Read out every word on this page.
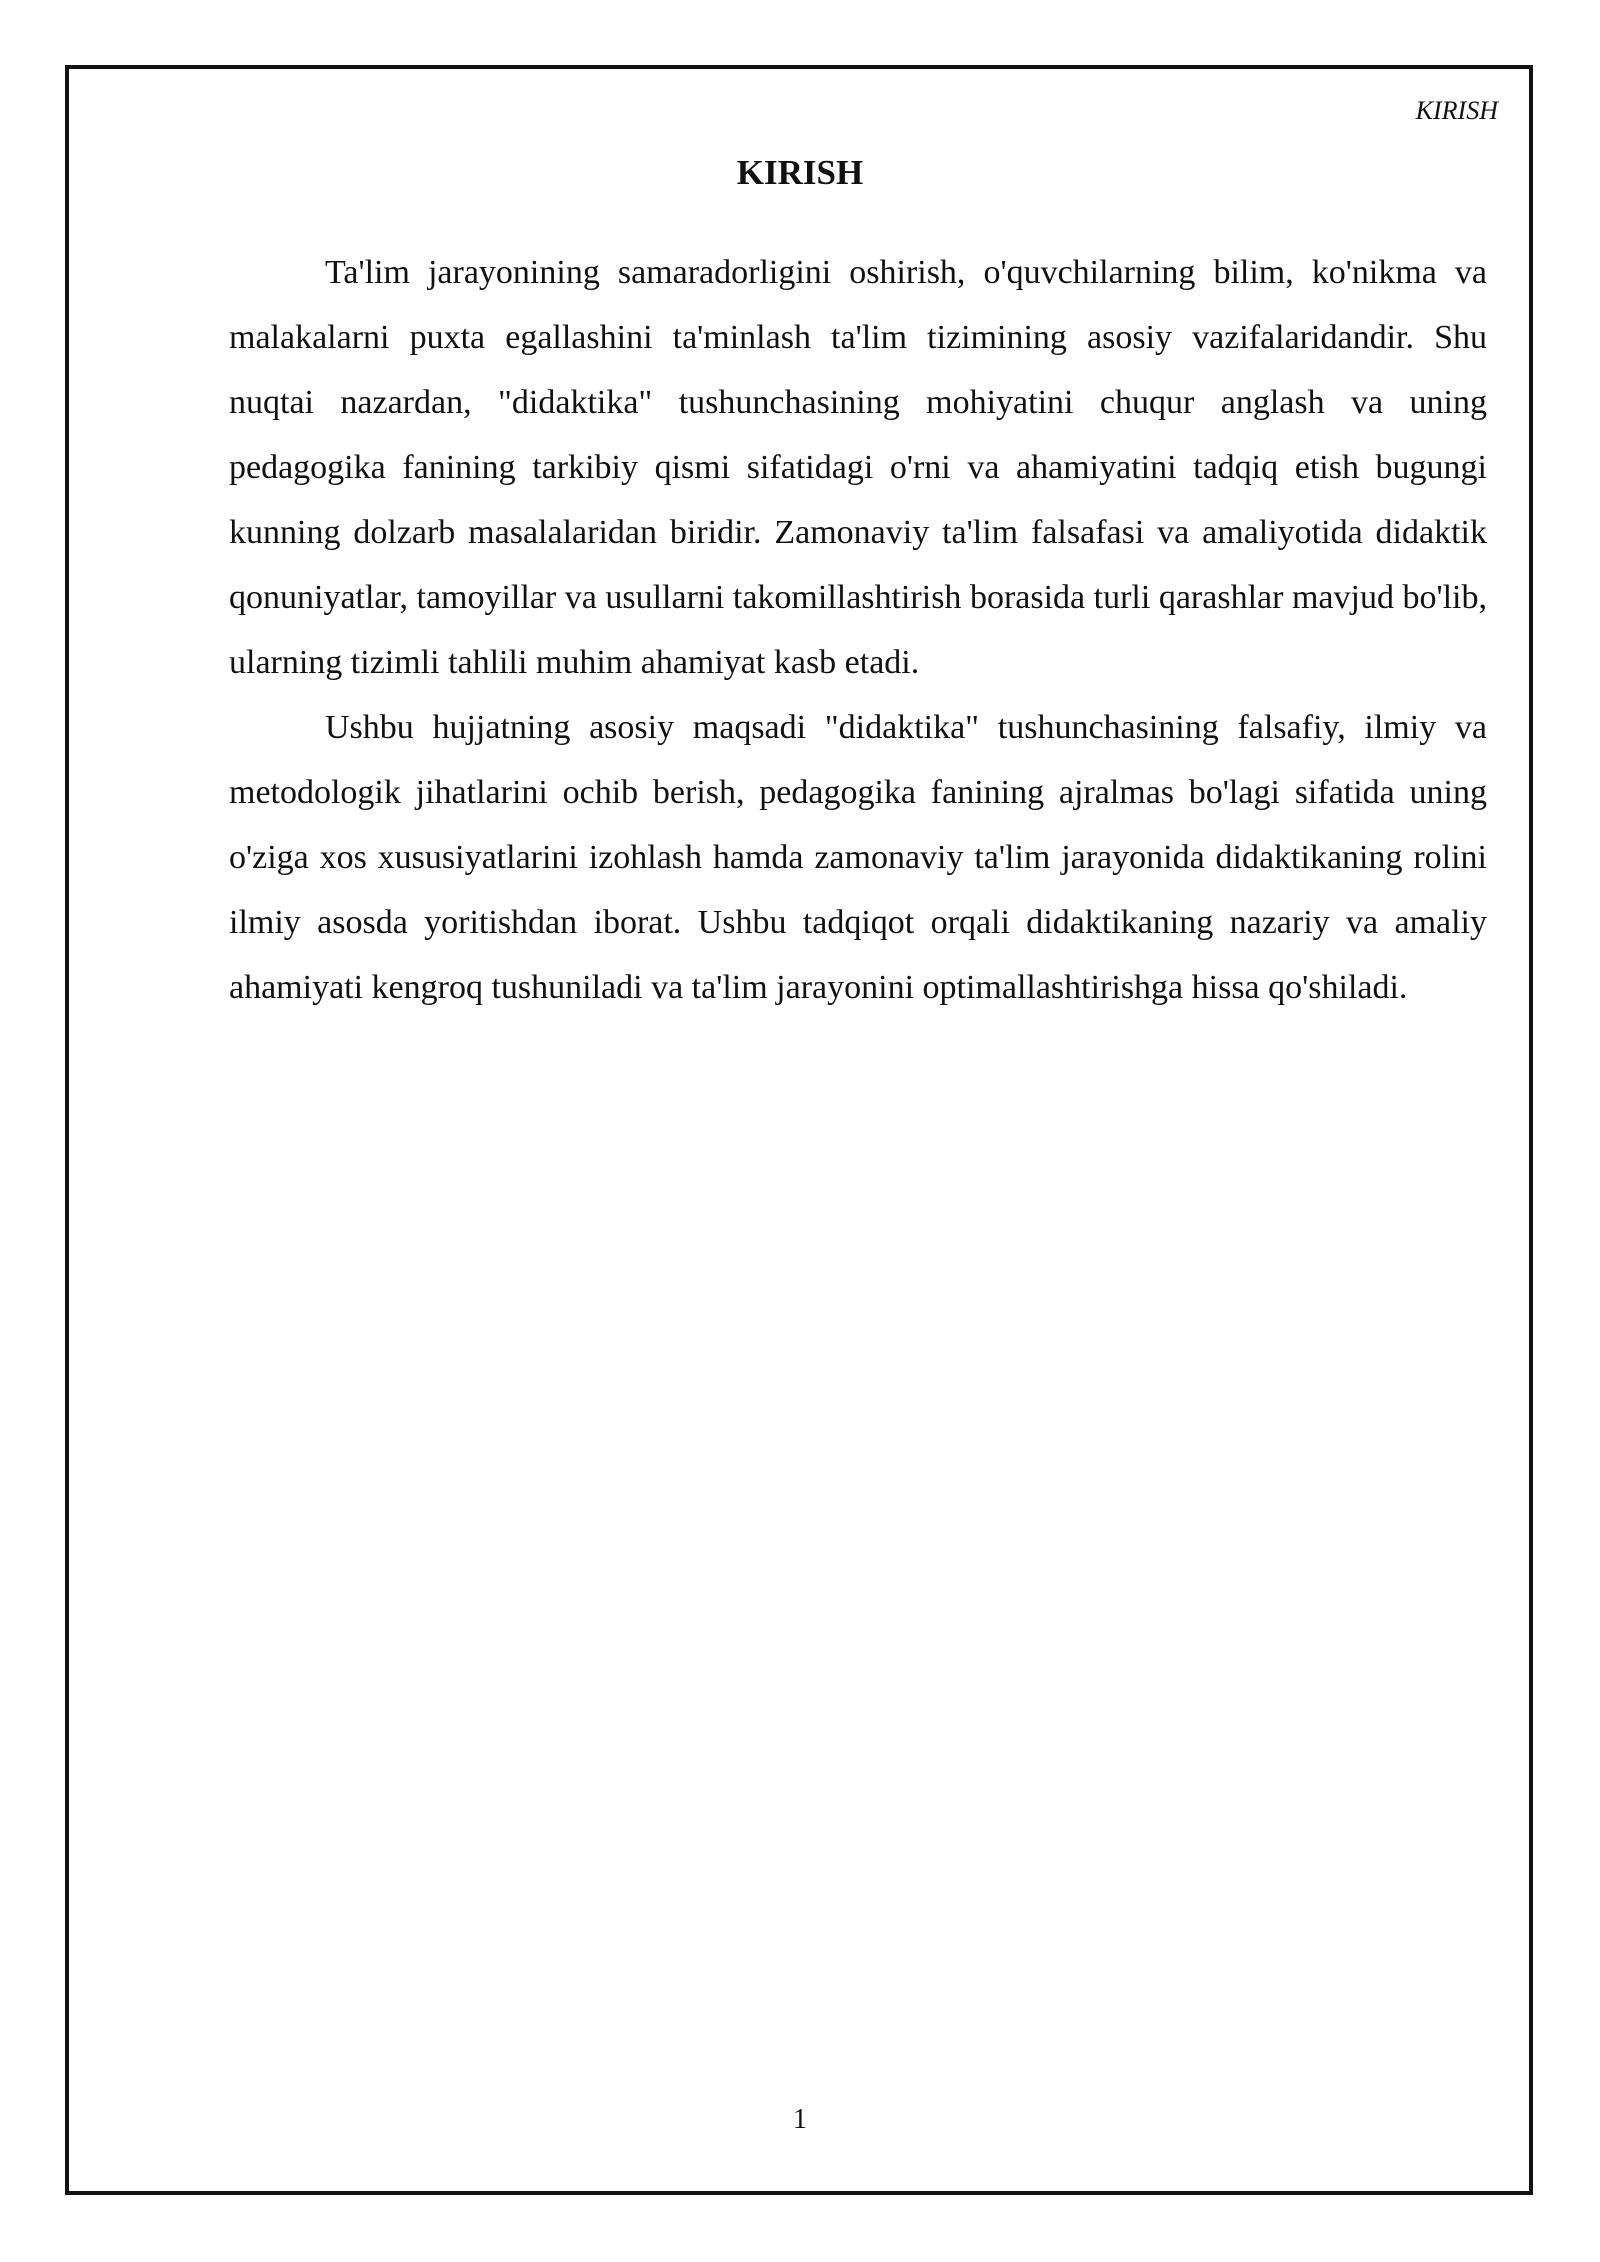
KIRISH
KIRISH

Ta'lim jarayonining samaradorligini oshirish, o'quvchilarning bilim, ko'nikma va malakalarni puxta egallashini ta'minlash ta'lim tizimining asosiy vazifalaridandir. Shu nuqtai nazardan, "didaktika" tushunchasining mohiyatini chuqur anglash va uning pedagogika fanining tarkibiy qismi sifatidagi o'rni va ahamiyatini tadqiq etish bugungi kunning dolzarb masalalaridan biridir. Zamonaviy ta'lim falsafasi va amaliyotida didaktik qonuniyatlar, tamoyillar va usullarni takomillashtirish borasida turli qarashlar mavjud bo'lib, ularning tizimli tahlili muhim ahamiyat kasb etadi.

Ushbu hujjatning asosiy maqsadi "didaktika" tushunchasining falsafiy, ilmiy va metodologik jihatlarini ochib berish, pedagogika fanining ajralmas bo'lagi sifatida uning o'ziga xos xususiyatlarini izohlash hamda zamonaviy ta'lim jarayonida didaktikaning rolini ilmiy asosda yoritishdan iborat. Ushbu tadqiqot orqali didaktikaning nazariy va amaliy ahamiyati kengroq tushuniladi va ta'lim jarayonini optimallashtirishga hissa qo'shiladi.

1
